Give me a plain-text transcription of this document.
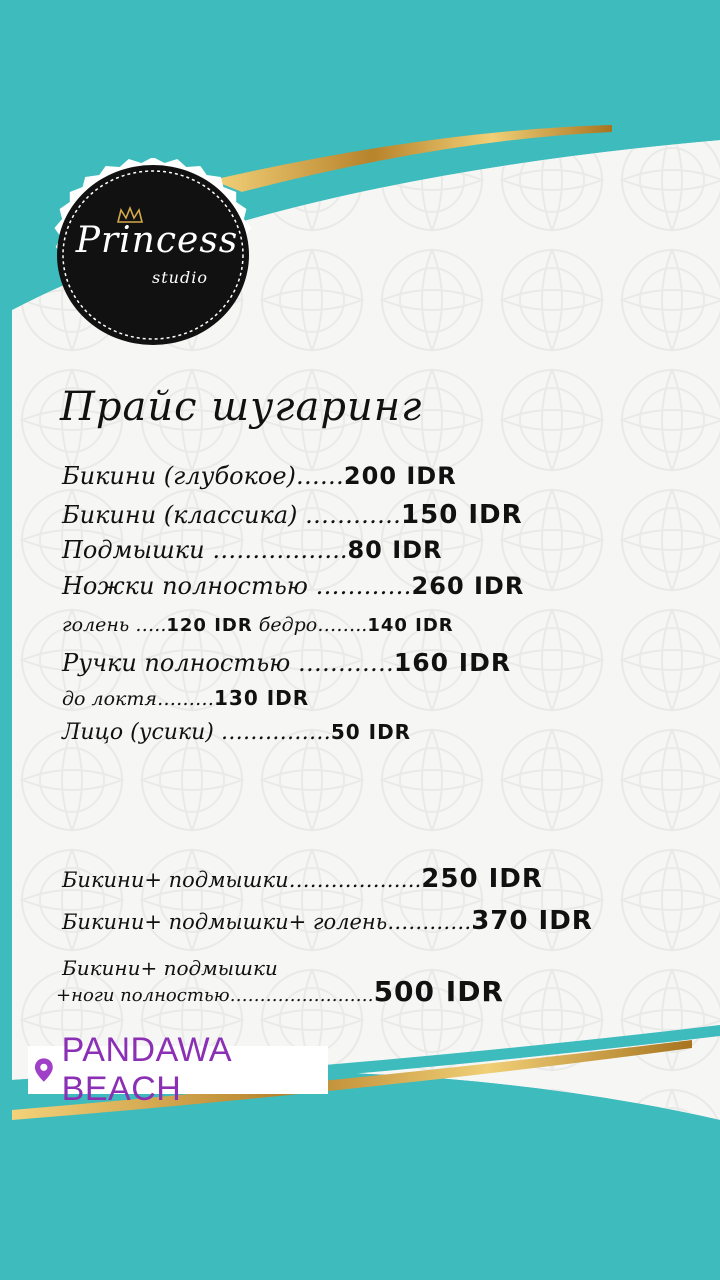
Princess
studio
Прайс шугаринг
Бикини (глубокое)……200 IDR
Бикини (классика) …………150 IDR
Подмышки ……………..80 IDR
Ножки полностью …………260 IDR
голень …..120 IDR бедро……..140 IDR
Ручки полностью …………160 IDR
до локтя………130 IDR
Лицо (усики) ……………50 IDR
Бикини+ подмышки……………….250 IDR
Бикини+ подмышки+ голень…………370 IDR
Бикини+ подмышки
+ноги полностью……………………500 IDR
PANDAWA BEACH
